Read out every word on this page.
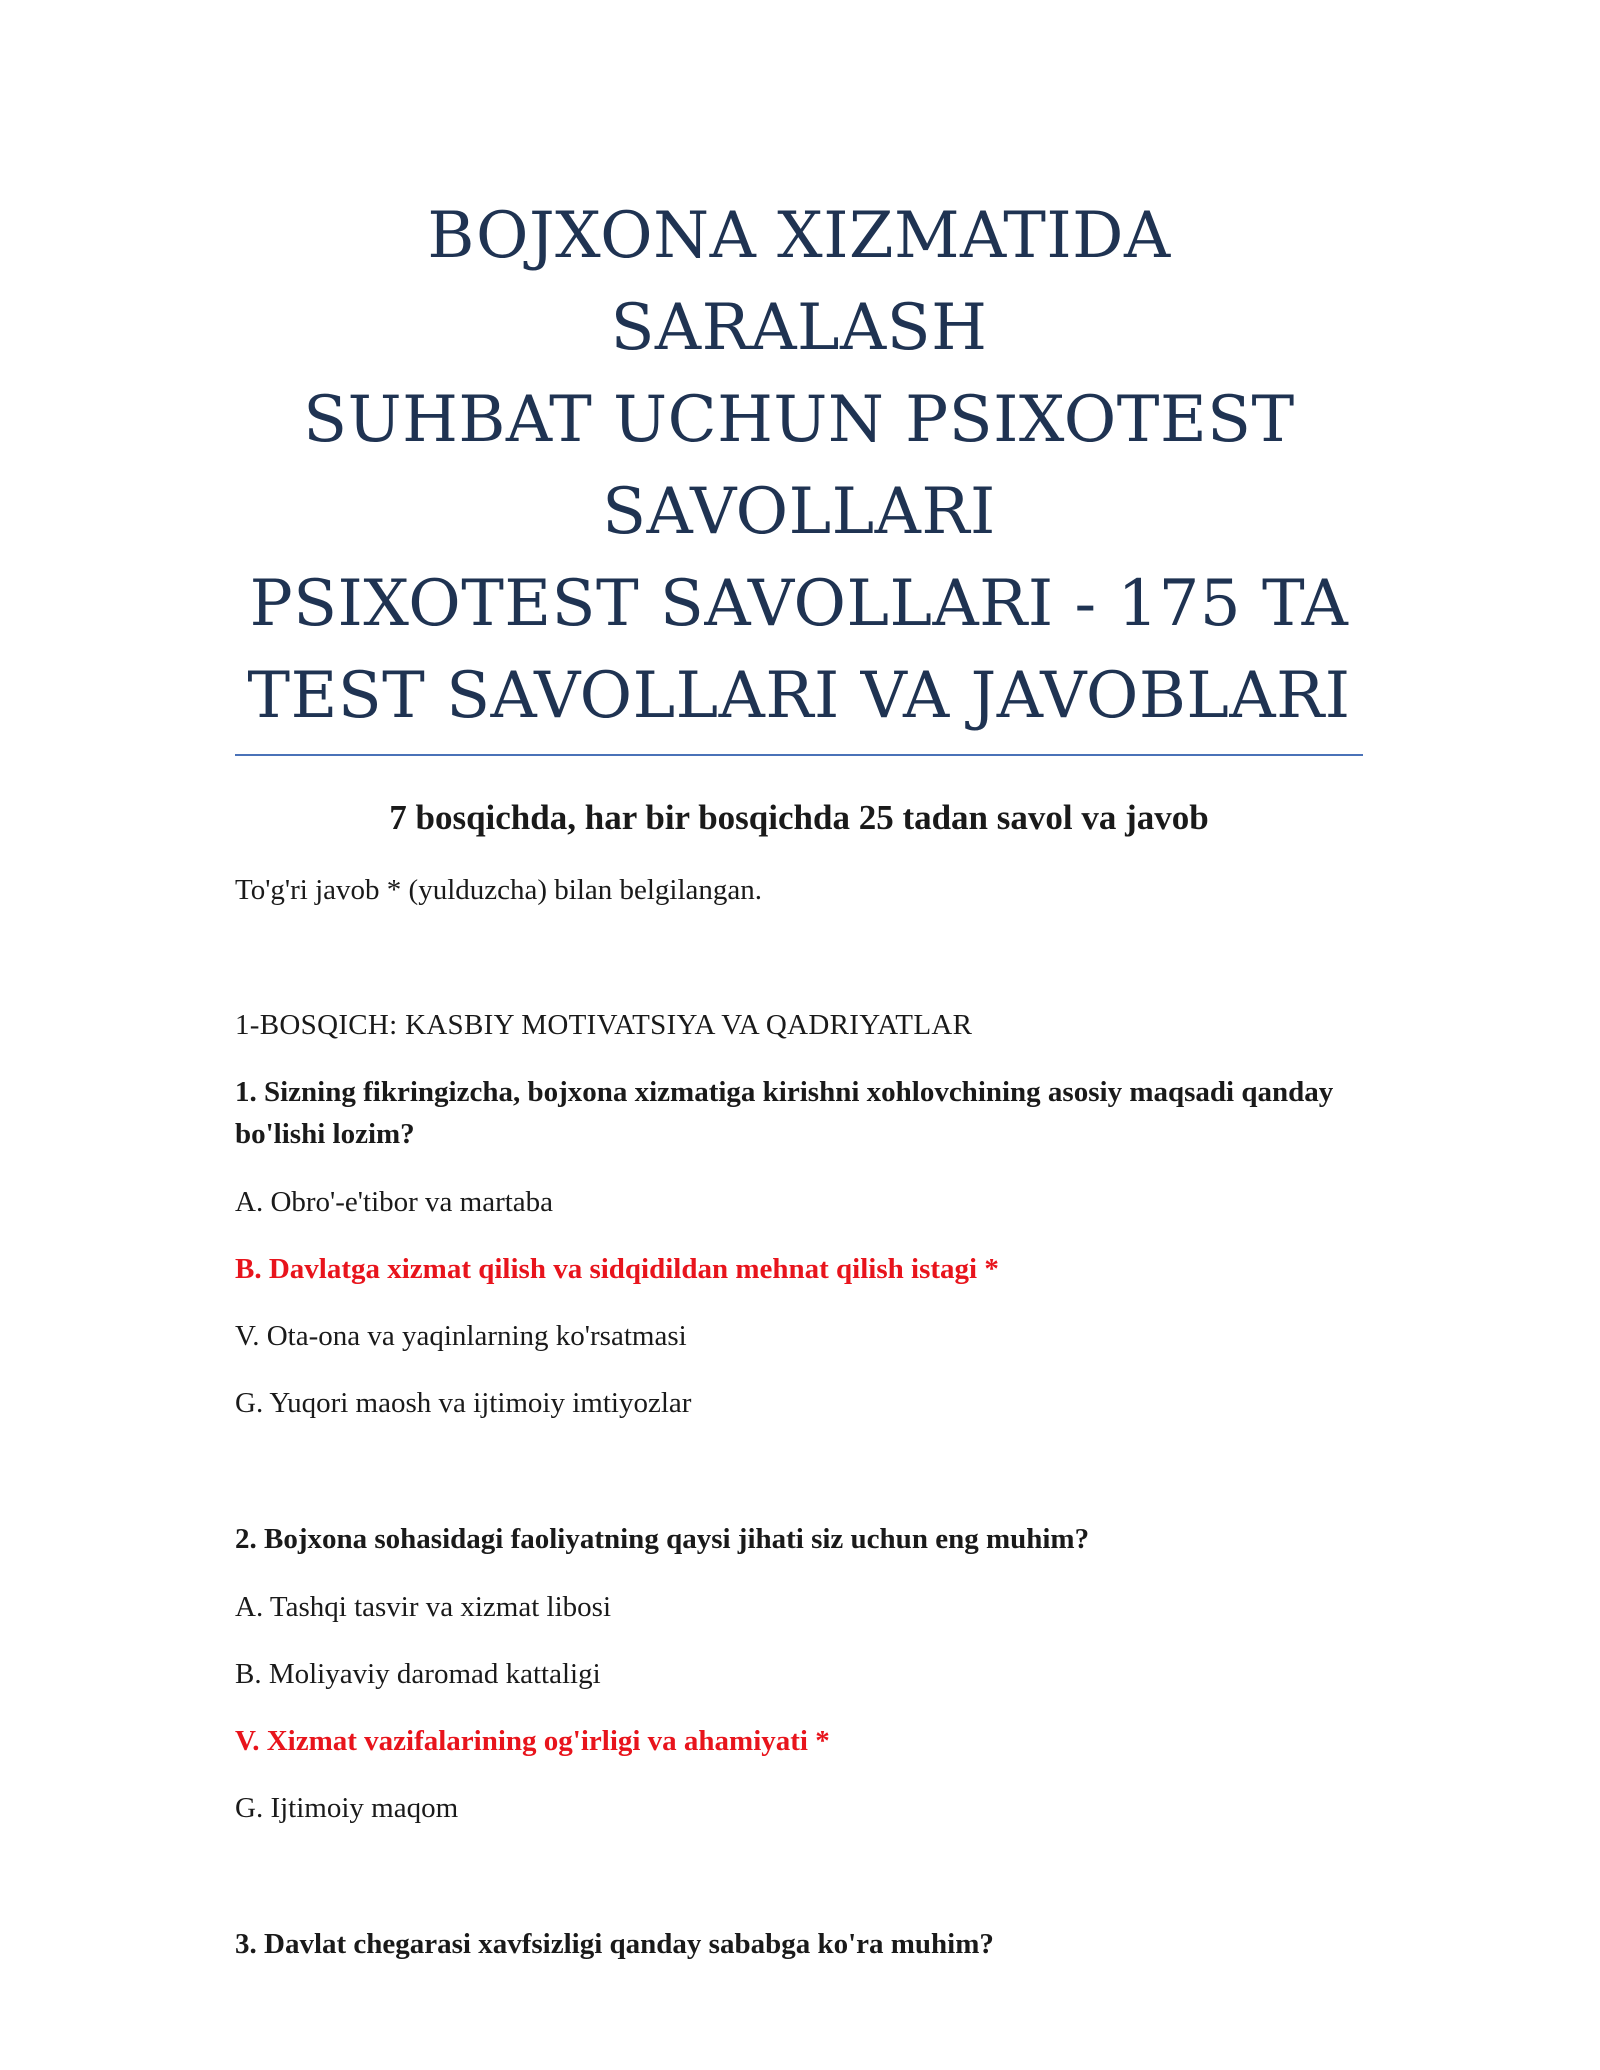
BOJXONA XIZMATIDA SARALASH
SUHBAT UCHUN PSIXOTEST
SAVOLLARI
PSIXOTEST SAVOLLARI - 175 TA
TEST SAVOLLARI VA JAVOBLARI
7 bosqichda, har bir bosqichda 25 tadan savol va javob
To'g'ri javob * (yulduzcha) bilan belgilangan.
1-BOSQICH: KASBIY MOTIVATSIYA VA QADRIYATLAR
1. Sizning fikringizcha, bojxona xizmatiga kirishni xohlovchining asosiy maqsadi qanday bo'lishi lozim?
A. Obro'-e'tibor va martaba
B. Davlatga xizmat qilish va sidqidildan mehnat qilish istagi *
V. Ota-ona va yaqinlarning ko'rsatmasi
G. Yuqori maosh va ijtimoiy imtiyozlar
2. Bojxona sohasidagi faoliyatning qaysi jihati siz uchun eng muhim?
A. Tashqi tasvir va xizmat libosi
B. Moliyaviy daromad kattaligi
V. Xizmat vazifalarining og'irligi va ahamiyati *
G. Ijtimoiy maqom
3. Davlat chegarasi xavfsizligi qanday sababga ko'ra muhim?
